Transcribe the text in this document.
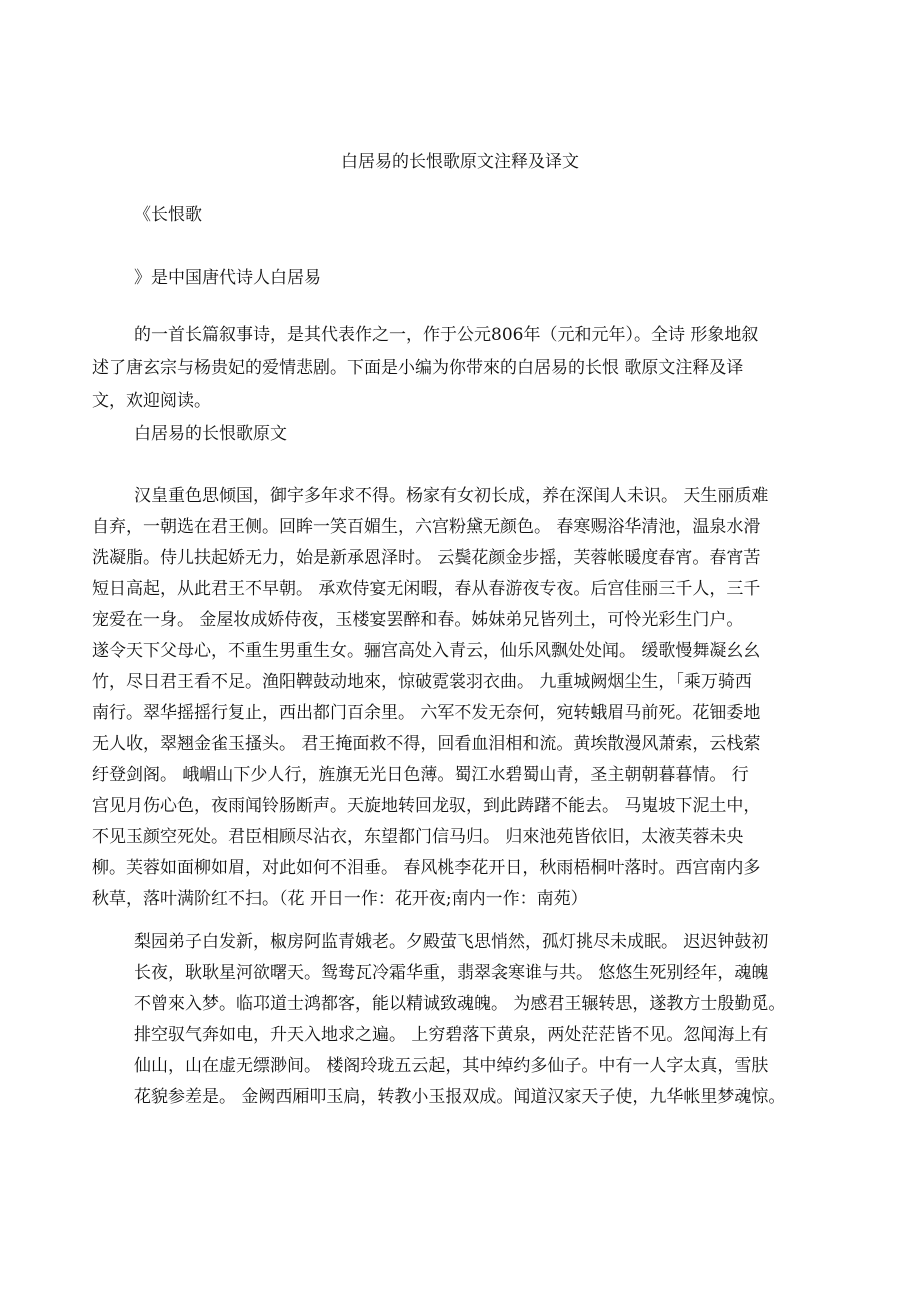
白居易的长恨歌原文注释及译文
《长恨歌
》是中国唐代诗人白居易
的一首长篇叙事诗，是其代表作之一，作于公元806年（元和元年）。全诗 形象地叙
述了唐玄宗与杨贵妃的爱情悲剧。下面是小编为你带來的白居易的长恨 歌原文注释及译
文，欢迎阅读。
白居易的长恨歌原文
汉皇重色思倾国，御宇多年求不得。杨家有女初长成，养在深闺人未识。 天生丽质难
自弃，一朝选在君王侧。回眸一笑百媚生，六宫粉黛无颜色。 春寒赐浴华清池，温泉水滑
洗凝脂。侍儿扶起娇无力，始是新承恩泽时。 云鬓花颜金步摇，芙蓉帐暖度春宵。春宵苦
短日高起，从此君王不早朝。 承欢侍宴无闲暇，春从春游夜专夜。后宫佳丽三千人，三千
宠爱在一身。 金屋妆成娇侍夜，玉楼宴罢醉和春。姊妹弟兄皆列土，可怜光彩生门户。
遂令天下父母心，不重生男重生女。骊宫高处入青云，仙乐风飘处处闻。 缓歌慢舞凝幺幺
竹，尽日君王看不足。渔阳鞞鼓动地來，惊破霓裳羽衣曲。 九重城阙烟尘生，「乘万骑西
南行。翠华摇摇行复止，西出都门百余里。 六军不发无奈何，宛转蛾眉马前死。花钿委地
无人收，翠翘金雀玉搔头。 君王掩面救不得，回看血泪相和流。黄埃散漫风萧索，云栈萦
纡登剑阁。 峨嵋山下少人行，旌旗无光日色薄。蜀江水碧蜀山青，圣主朝朝暮暮情。 行
宫见月伤心色，夜雨闻铃肠断声。天旋地转回龙驭，到此踌躇不能去。 马嵬坡下泥土中，
不见玉颜空死处。君臣相顾尽沾衣，东望都门信马归。 归來池苑皆依旧，太液芙蓉未央
柳。芙蓉如面柳如眉，对此如何不泪垂。 春风桃李花开日，秋雨梧桐叶落时。西宫南内多
秋草，落叶满阶红不扫。（花 开日一作：花开夜;南内一作：南苑）
梨园弟子白发新，椒房阿监青娥老。夕殿萤飞思悄然，孤灯挑尽未成眠。 迟迟钟鼓初
长夜，耿耿星河欲曙天。鸳鸯瓦冷霜华重，翡翠衾寒谁与共。 悠悠生死别经年，魂魄
不曾來入梦。临邛道士鸿都客，能以精诚致魂魄。 为感君王辗转思，遂教方士殷勤觅。
排空驭气奔如电，升天入地求之遍。 上穷碧落下黄泉，两处茫茫皆不见。忽闻海上有
仙山，山在虚无缥渺间。 楼阁玲珑五云起，其中绰约多仙子。中有一人字太真，雪肤
花貌参差是。 金阙西厢叩玉扃，转教小玉报双成。闻道汉家天子使，九华帐里梦魂惊。
